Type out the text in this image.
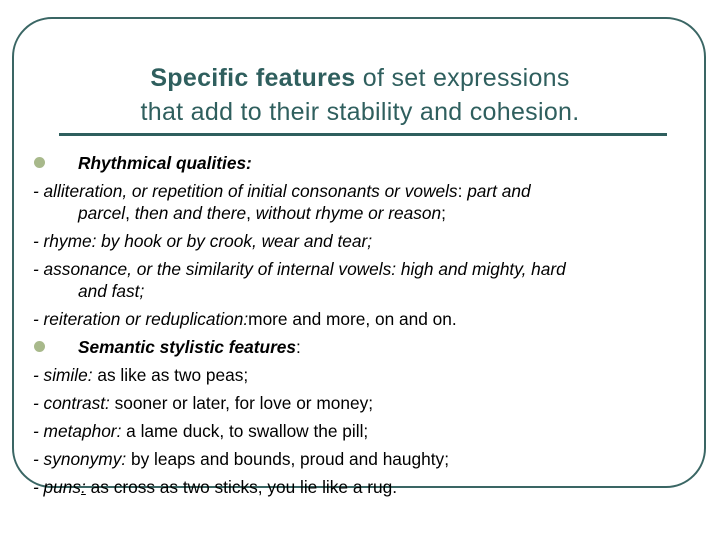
Specific features of set expressions
that add to their stability and cohesion.
Rhythmical qualities:
- alliteration, or repetition of initial consonants or vowels: part and
parcel, then and there, without rhyme or reason;
- rhyme: by hook or by crook, wear and tear;
- assonance, or the similarity of internal vowels: high and mighty, hard
and fast;
- reiteration or reduplication:more and more, on and on.
Semantic stylistic features:
- simile: as like as two peas;
- contrast: sooner or later, for love or money;
- metaphor: a lame duck, to swallow the pill;
- synonymy: by leaps and bounds, proud and haughty;
- puns: as cross as two sticks, you lie like a rug.
